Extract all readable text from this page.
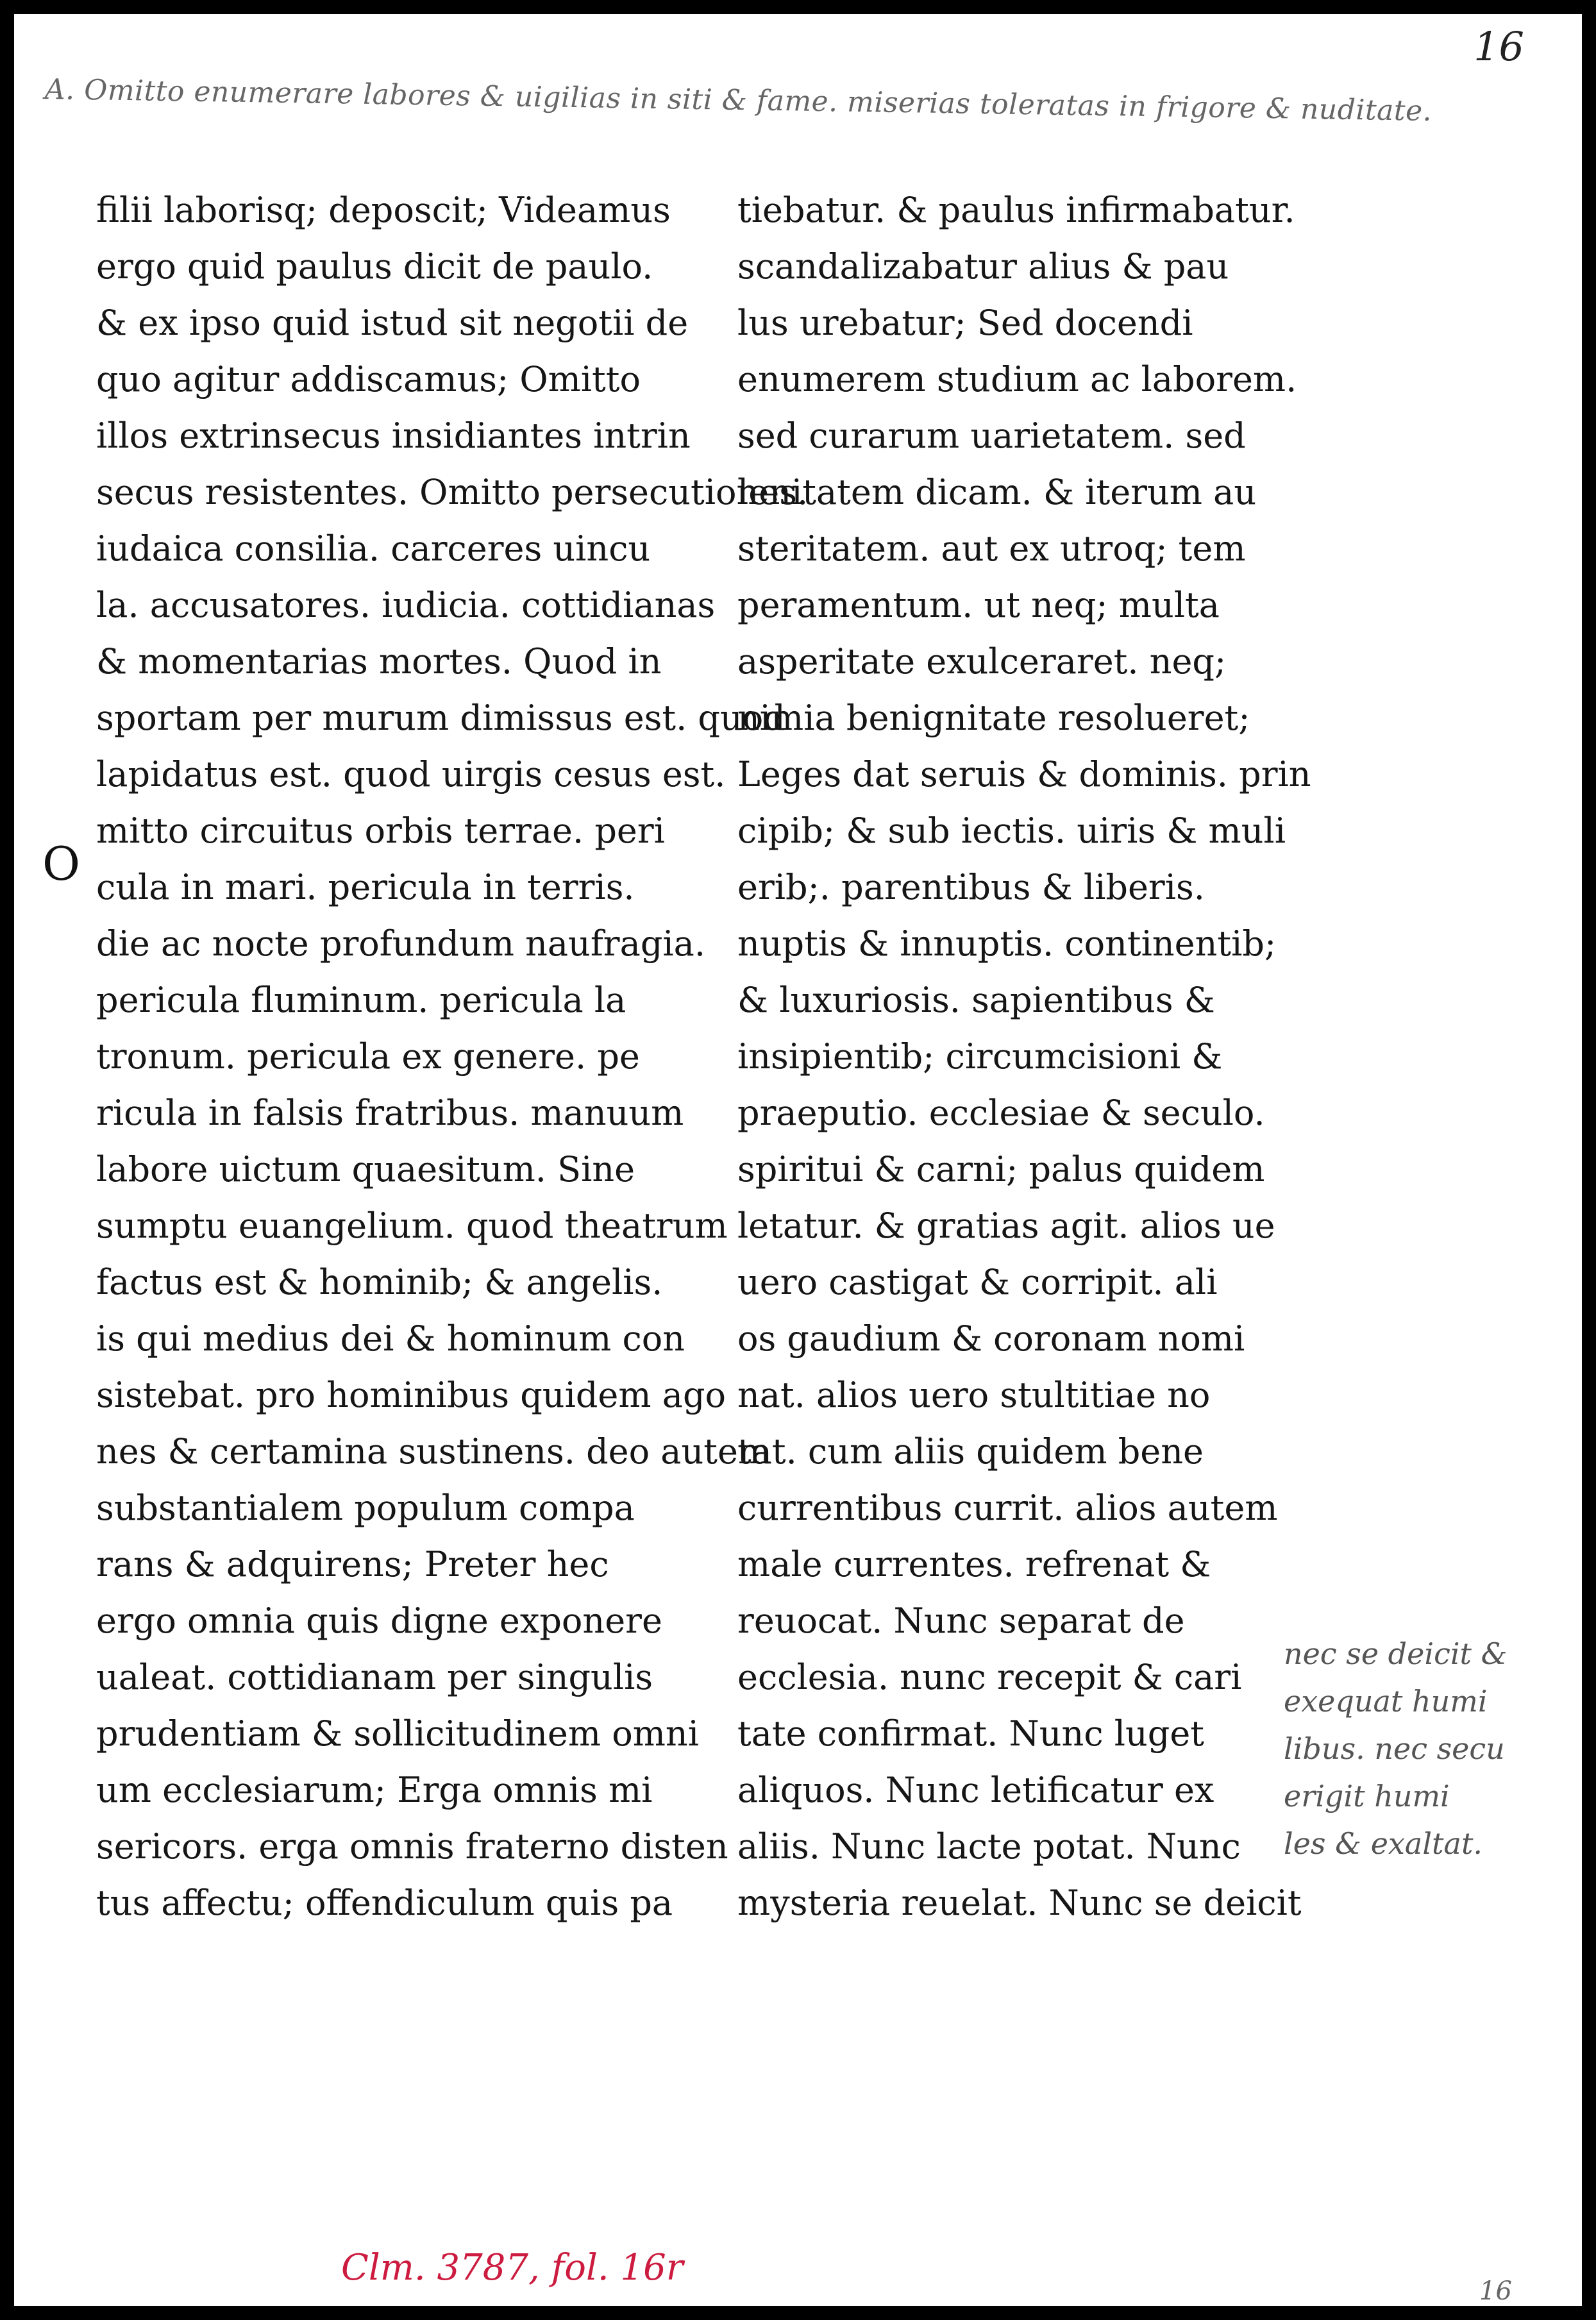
16
A. Omitto enumerare labores & uigilias in siti & fame. miserias toleratas in frigore & nuditate.
O
filii laborisq; deposcit; Videamus
ergo quid paulus dicit de paulo.
& ex ipso quid istud sit negotii de
quo agitur addiscamus; Omitto
illos extrinsecus insidiantes intrin
secus resistentes. Omitto persecutiones.
iudaica consilia. carceres uincu
la. accusatores. iudicia. cottidianas
& momentarias mortes. Quod in
sportam per murum dimissus est. quod
lapidatus est. quod uirgis cesus est.
mitto circuitus orbis terrae. peri
cula in mari. pericula in terris.
die ac nocte profundum naufragia.
pericula fluminum. pericula la
tronum. pericula ex genere. pe
ricula in falsis fratribus. manuum
labore uictum quaesitum. Sine
sumptu euangelium. quod theatrum
factus est & hominib; & angelis.
is qui medius dei & hominum con
sistebat. pro hominibus quidem ago
nes & certamina sustinens. deo autem
substantialem populum compa
rans & adquirens; Preter hec
ergo omnia quis digne exponere
ualeat. cottidianam per singulis
prudentiam & sollicitudinem omni
um ecclesiarum; Erga omnis mi
sericors. erga omnis fraterno disten
tus affectu; offendiculum quis pa
tiebatur. & paulus infirmabatur.
scandalizabatur alius & pau
lus urebatur; Sed docendi
enumerem studium ac laborem.
sed curarum uarietatem. sed
lenitatem dicam. & iterum au
steritatem. aut ex utroq; tem
peramentum. ut neq; multa
asperitate exulceraret. neq;
nimia benignitate resolueret;
Leges dat seruis & dominis. prin
cipib; & sub iectis. uiris & muli
erib;. parentibus & liberis.
nuptis & innuptis. continentib;
& luxuriosis. sapientibus &
insipientib; circumcisioni &
praeputio. ecclesiae & seculo.
spiritui & carni; palus quidem
letatur. & gratias agit. alios ue
uero castigat & corripit. ali
os gaudium & coronam nomi
nat. alios uero stultitiae no
tat. cum aliis quidem bene
currentibus currit. alios autem
male currentes. refrenat &
reuocat. Nunc separat de
ecclesia. nunc recepit & cari
tate confirmat. Nunc luget
aliquos. Nunc letificatur ex
aliis. Nunc lacte potat. Nunc
mysteria reuelat. Nunc se deicit
nec se deicit &
exequat humi
libus. nec secu
erigit humi
les & exaltat.
Clm. 3787, fol. 16r
16
